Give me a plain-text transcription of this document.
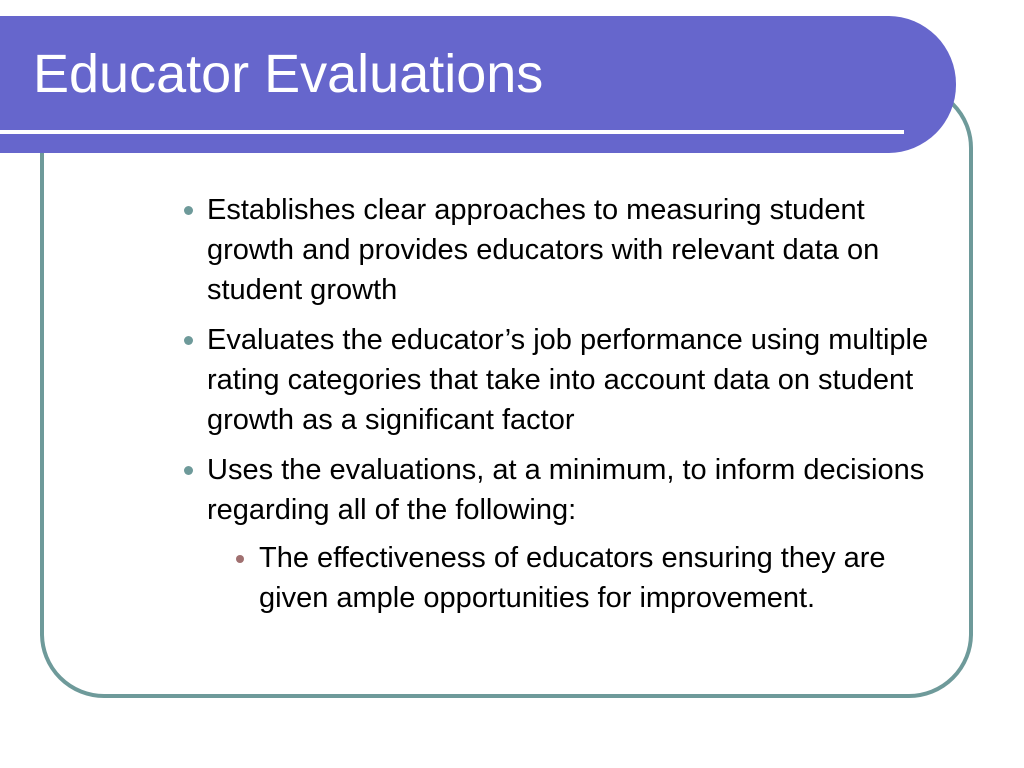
Educator Evaluations
Establishes clear approaches to measuring student growth and provides educators with relevant data on student growth
Evaluates the educator’s job performance using multiple rating categories that take into account data on student growth as a significant factor
Uses the evaluations, at a minimum, to inform decisions regarding all of the following:
The effectiveness of educators ensuring they are given ample opportunities for improvement.
